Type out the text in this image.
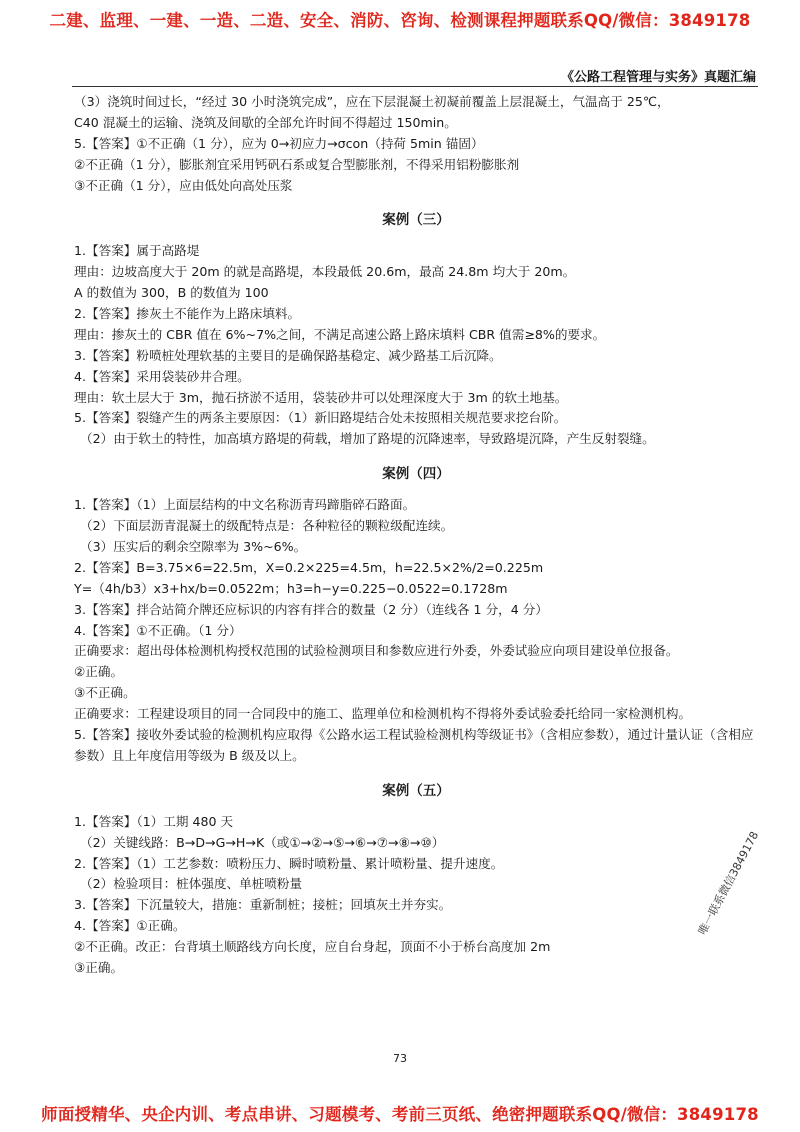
二建、监理、一建、一造、二造、安全、消防、咨询、检测课程押题联系QQ/微信：3849178
《公路工程管理与实务》真题汇编
（3）浇筑时间过长，“经过 30 小时浇筑完成”，应在下层混凝土初凝前覆盖上层混凝土，气温高于 25℃，
C40 混凝土的运输、浇筑及间歇的全部允许时间不得超过 150min。
5.【答案】①不正确（1 分），应为 0→初应力→σcon（持荷 5min 锚固）
②不正确（1 分），膨胀剂宜采用钙矾石系或复合型膨胀剂，不得采用铝粉膨胀剂
③不正确（1 分），应由低处向高处压浆
案例（三）
1.【答案】属于高路堤
理由：边坡高度大于 20m 的就是高路堤，本段最低 20.6m，最高 24.8m 均大于 20m。
A 的数值为 300，B 的数值为 100
2.【答案】掺灰土不能作为上路床填料。
理由：掺灰土的 CBR 值在 6%~7%之间，不满足高速公路上路床填料 CBR 值需≥8%的要求。
3.【答案】粉喷桩处理软基的主要目的是确保路基稳定、减少路基工后沉降。
4.【答案】采用袋装砂井合理。
理由：软土层大于 3m，抛石挤淤不适用，袋装砂井可以处理深度大于 3m 的软土地基。
5.【答案】裂缝产生的两条主要原因：（1）新旧路堤结合处未按照相关规范要求挖台阶。
（2）由于软土的特性，加高填方路堤的荷载，增加了路堤的沉降速率，导致路堤沉降，产生反射裂缝。
案例（四）
1.【答案】（1）上面层结构的中文名称沥青玛蹄脂碎石路面。
（2）下面层沥青混凝土的级配特点是：各种粒径的颗粒级配连续。
（3）压实后的剩余空隙率为 3%~6%。
2.【答案】B=3.75×6=22.5m，X=0.2×225=4.5m，h=22.5×2%/2=0.225m
Y=（4h/b3）x3+hx/b=0.0522m；h3=h−y=0.225−0.0522=0.1728m
3.【答案】拌合站简介牌还应标识的内容有拌合的数量（2 分）（连线各 1 分，4 分）
4.【答案】①不正确。（1 分）
正确要求：超出母体检测机构授权范围的试验检测项目和参数应进行外委，外委试验应向项目建设单位报备。
②正确。
③不正确。
正确要求：工程建设项目的同一合同段中的施工、监理单位和检测机构不得将外委试验委托给同一家检测机构。
5.【答案】接收外委试验的检测机构应取得《公路水运工程试验检测机构等级证书》（含相应参数），通过计量认证（含相应参数）且上年度信用等级为 B 级及以上。
案例（五）
1.【答案】（1）工期 480 天
（2）关键线路：B→D→G→H→K（或①→②→⑤→⑥→⑦→⑧→⑩）
2.【答案】（1）工艺参数：喷粉压力、瞬时喷粉量、累计喷粉量、提升速度。
（2）检验项目：桩体强度、单桩喷粉量
3.【答案】下沉量较大，措施：重新制桩；接桩；回填灰土并夯实。
4.【答案】①正确。
②不正确。改正：台背填土顺路线方向长度，应自台身起，顶面不小于桥台高度加 2m
③正确。
唯一联系微信3849178
73
师面授精华、央企内训、考点串讲、习题模考、考前三页纸、绝密押题联系QQ/微信：3849178
